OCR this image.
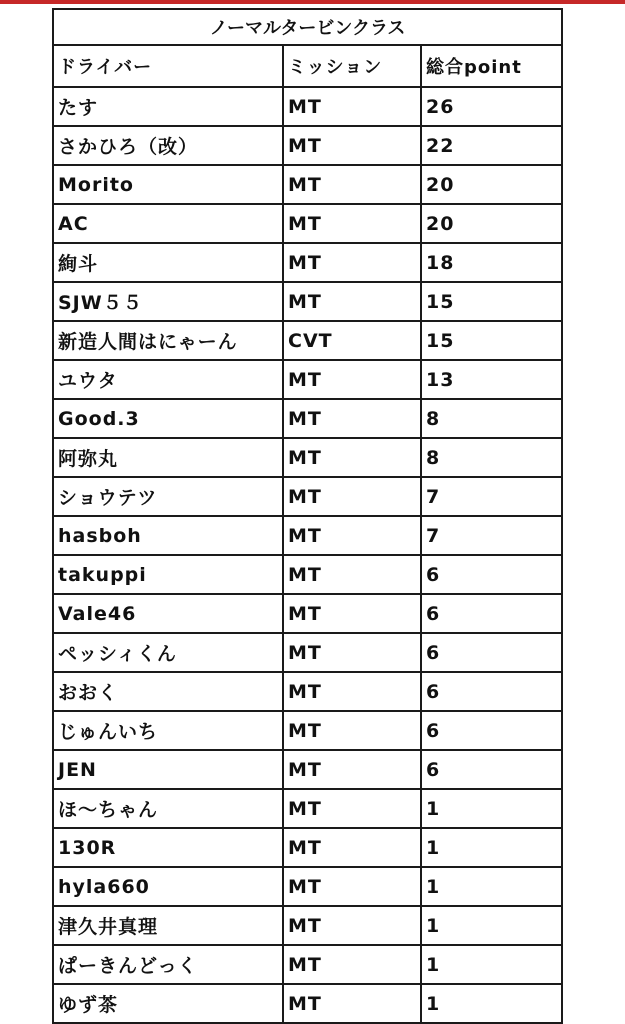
ノーマルタービンクラス		
ドライバー	ミッション	総合point
たす	MT	26
さかひろ（改）	MT	22
Morito	MT	20
AC	MT	20
絢斗	MT	18
SJW５５	MT	15
新造人間はにゃーん	CVT	15
ユウタ	MT	13
Good.3	MT	8
阿弥丸	MT	8
ショウテツ	MT	7
hasboh	MT	7
takuppi	MT	6
Vale46	MT	6
ペッシィくん	MT	6
おおく	MT	6
じゅんいち	MT	6
JEN	MT	6
ほ～ちゃん	MT	1
130R	MT	1
hyla660	MT	1
津久井真理	MT	1
ぱーきんどっく	MT	1
ゆず茶	MT	1
